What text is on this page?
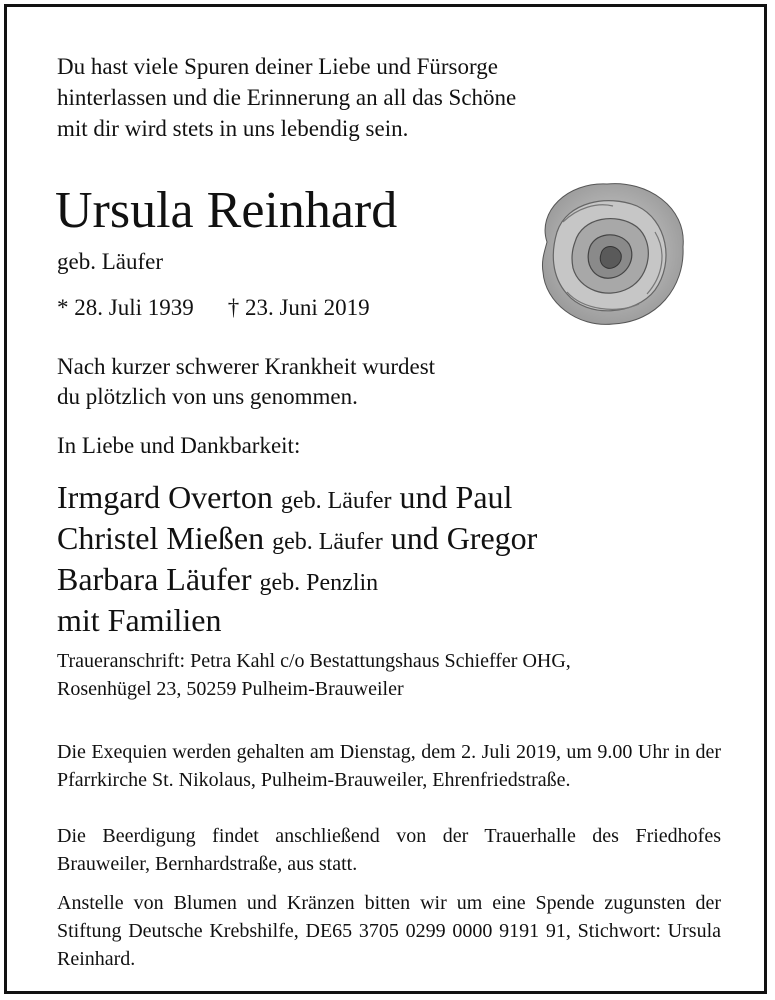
Du hast viele Spuren deiner Liebe und Fürsorge
hinterlassen und die Erinnerung an all das Schöne
mit dir wird stets in uns lebendig sein.

Ursula Reinhard

geb. Läufer

* 28. Juli 1939 † 23. Juni 2019

Nach kurzer schwerer Krankheit wurdest
du plötzlich von uns genommen.

In Liebe und Dankbarkeit:

Irmgard Overton geb. Läufer und Paul
Christel Mießen geb. Läufer und Gregor
Barbara Läufer geb. Penzlin
mit Familien

Traueranschrift: Petra Kahl c/o Bestattungshaus Schieffer OHG,
Rosenhügel 23, 50259 Pulheim-Brauweiler

Die Exequien werden gehalten am Dienstag, dem 2. Juli 2019, um 9.00 Uhr in der Pfarrkirche St. Nikolaus, Pulheim-Brauweiler, Ehrenfriedstraße.

Die Beerdigung findet anschließend von der Trauerhalle des Friedhofes Brauweiler, Bernhardstraße, aus statt.

Anstelle von Blumen und Kränzen bitten wir um eine Spende zugunsten der Stiftung Deutsche Krebshilfe, DE65 3705 0299 0000 9191 91, Stichwort: Ursula Reinhard.
